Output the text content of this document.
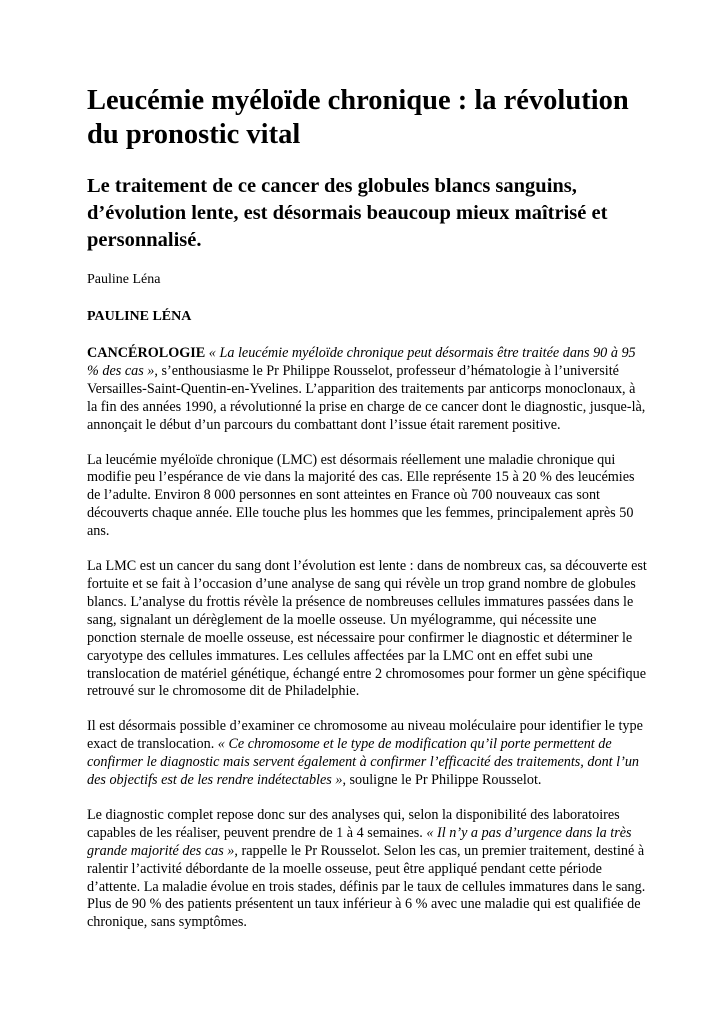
Leucémie myéloïde chronique : la révolution du pronostic vital
Le traitement de ce cancer des globules blancs sanguins, d’évolution lente, est désormais beaucoup mieux maîtrisé et personnalisé.
Pauline Léna
PAULINE LÉNA

CANCÉROLOGIE « La leucémie myéloïde chronique peut désormais être traitée dans 90 à 95 % des cas », s’enthousiasme le Pr Philippe Rousselot, professeur d’hématologie à l’université Versailles-Saint-Quentin-en-Yvelines. L’apparition des traitements par anticorps monoclonaux, à la fin des années 1990, a révolutionné la prise en charge de ce cancer dont le diagnostic, jusque-là, annonçait le début d’un parcours du combattant dont l’issue était rarement positive.

La leucémie myéloïde chronique (LMC) est désormais réellement une maladie chronique qui modifie peu l’espérance de vie dans la majorité des cas. Elle représente 15 à 20 % des leucémies de l’adulte. Environ 8 000 personnes en sont atteintes en France où 700 nouveaux cas sont découverts chaque année. Elle touche plus les hommes que les femmes, principalement après 50 ans.

La LMC est un cancer du sang dont l’évolution est lente : dans de nombreux cas, sa découverte est fortuite et se fait à l’occasion d’une analyse de sang qui révèle un trop grand nombre de globules blancs. L’analyse du frottis révèle la présence de nombreuses cellules immatures passées dans le sang, signalant un dérèglement de la moelle osseuse. Un myélogramme, qui nécessite une ponction sternale de moelle osseuse, est nécessaire pour confirmer le diagnostic et déterminer le caryotype des cellules immatures. Les cellules affectées par la LMC ont en effet subi une translocation de matériel génétique, échangé entre 2 chromosomes pour former un gène spécifique retrouvé sur le chromosome dit de Philadelphie.

Il est désormais possible d’examiner ce chromosome au niveau moléculaire pour identifier le type exact de translocation. « Ce chromosome et le type de modification qu’il porte permettent de confirmer le diagnostic mais servent également à confirmer l’efficacité des traitements, dont l’un des objectifs est de les rendre indétectables », souligne le Pr Philippe Rousselot.

Le diagnostic complet repose donc sur des analyses qui, selon la disponibilité des laboratoires capables de les réaliser, peuvent prendre de 1 à 4 semaines. « Il n’y a pas d’urgence dans la très grande majorité des cas », rappelle le Pr Rousselot. Selon les cas, un premier traitement, destiné à ralentir l’activité débordante de la moelle osseuse, peut être appliqué pendant cette période d’attente. La maladie évolue en trois stades, définis par le taux de cellules immatures dans le sang. Plus de 90 % des patients présentent un taux inférieur à 6 % avec une maladie qui est qualifiée de chronique, sans symptômes.
